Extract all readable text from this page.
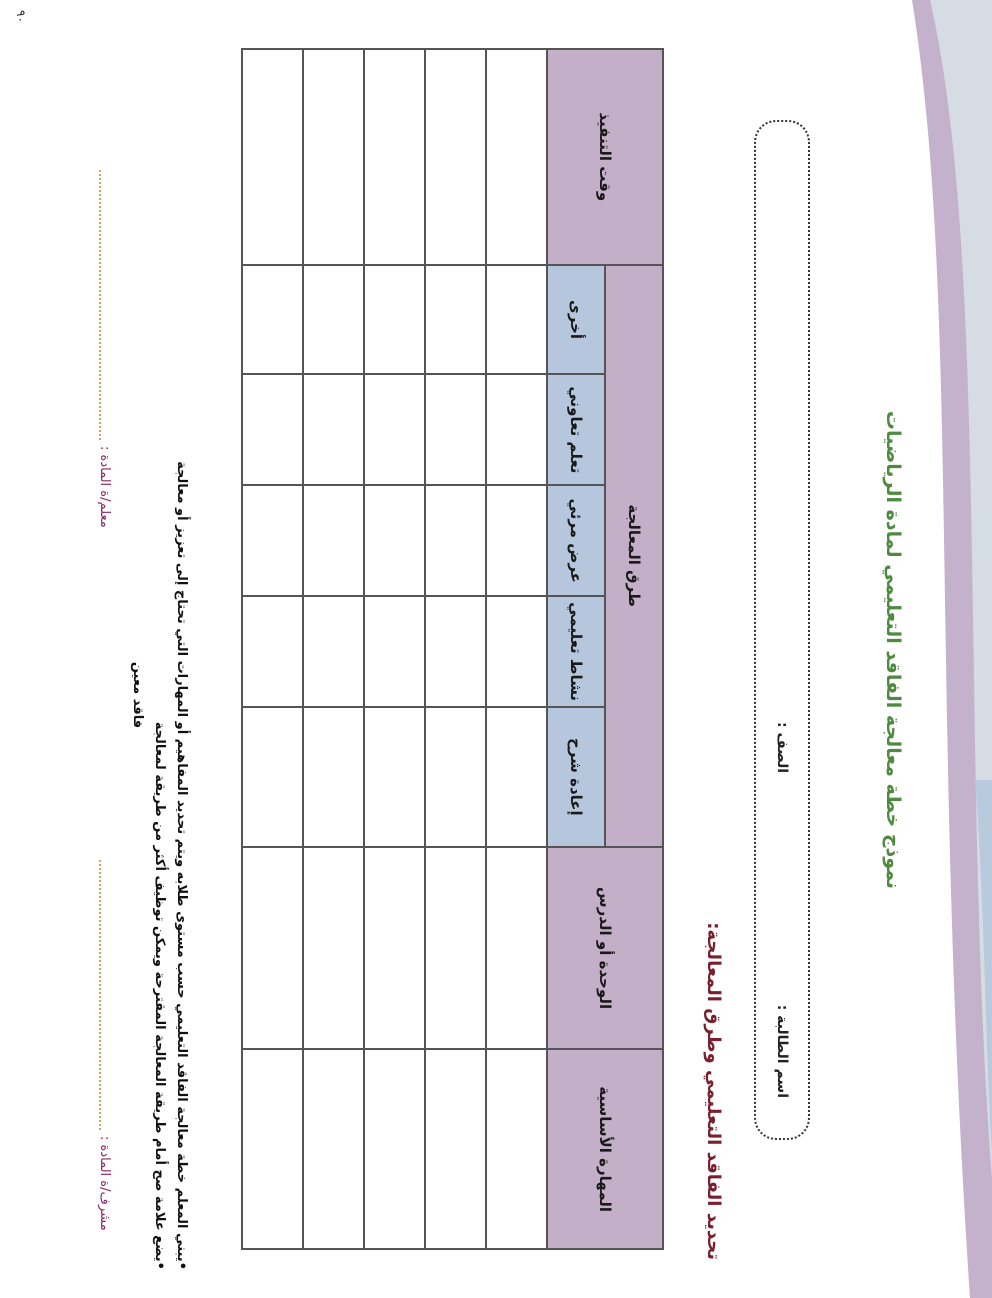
نموذج خطة معالجة الفاقد التعليمي لمادة الرياضيات
اسم الطالبة :
الصف :
تحديد الفاقد التعليمي وطرق المعالجة:
المهارة الأساسية	الوحدة أو الدرس	طرق المعالجة					وقت التنفيذ
		إعادة شرح	نشاط تعليمي	عرض مرئي	تعلم تعاوني	أخرى	

•يبني المعلم خطة معالجة الفاقد التعليمي حسب مستوى طلابه ويتم تحديد المفاهيم أو المهارات التي تحتاج إلى تعزيز أو معالجة

•يضع علامة صح أمام طريقة المعالجة المقترحة ويمكن توظيف أكثر من طريقة لمعالجة

فاقد معين

معلم/ة المادة :
مشرف/ة المادة :
٩٠
